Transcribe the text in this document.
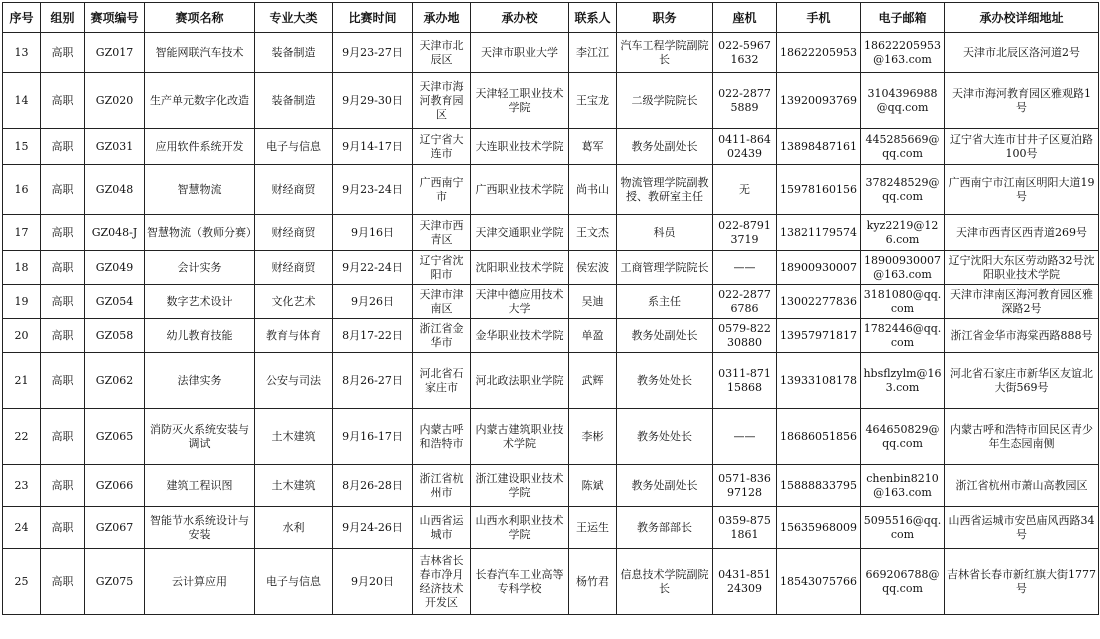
序号	组别	赛项编号	赛项名称	专业大类	比赛时间	承办地	承办校	联系人	职务	座机	手机	电子邮箱	承办校详细地址
13	高职	GZ017	智能网联汽车技术	装备制造	9月23-27日	天津市北辰区	天津市职业大学	李江江	汽车工程学院副院长	022-59671632	18622205953	18622205953@163.com	天津市北辰区洛河道2号
14	高职	GZ020	生产单元数字化改造	装备制造	9月29-30日	天津市海河教育园区	天津轻工职业技术学院	王宝龙	二级学院院长	022-28775889	13920093769	3104396988@qq.com	天津市海河教育园区雅观路1号
15	高职	GZ031	应用软件系统开发	电子与信息	9月14-17日	辽宁省大连市	大连职业技术学院	葛军	教务处副处长	0411-86402439	13898487161	445285669@qq.com	辽宁省大连市甘井子区夏泊路100号
16	高职	GZ048	智慧物流	财经商贸	9月23-24日	广西南宁市	广西职业技术学院	尚书山	物流管理学院副教授、教研室主任	无	15978160156	378248529@qq.com	广西南宁市江南区明阳大道19号
17	高职	GZ048-J	智慧物流（教师分赛）	财经商贸	9月16日	天津市西青区	天津交通职业学院	王文杰	科员	022-87913719	13821179574	kyz2219@126.com	天津市西青区西青道269号
18	高职	GZ049	会计实务	财经商贸	9月22-24日	辽宁省沈阳市	沈阳职业技术学院	侯宏波	工商管理学院院长	——	18900930007	18900930007@163.com	辽宁沈阳大东区劳动路32号沈阳职业技术学院
19	高职	GZ054	数字艺术设计	文化艺术	9月26日	天津市津南区	天津中德应用技术大学	吴迪	系主任	022-28776786	13002277836	3181080@qq.com	天津市津南区海河教育园区雅深路2号
20	高职	GZ058	幼儿教育技能	教育与体育	8月17-22日	浙江省金华市	金华职业技术学院	单盈	教务处副处长	0579-82230880	13957971817	1782446@qq.com	浙江省金华市海棠西路888号
21	高职	GZ062	法律实务	公安与司法	8月26-27日	河北省石家庄市	河北政法职业学院	武辉	教务处处长	0311-87115868	13933108178	hbsflzylm@163.com	河北省石家庄市新华区友谊北大街569号
22	高职	GZ065	消防灭火系统安装与调试	土木建筑	9月16-17日	内蒙古呼和浩特市	内蒙古建筑职业技术学院	李彬	教务处处长	——	18686051856	464650829@qq.com	内蒙古呼和浩特市回民区青少年生态园南侧
23	高职	GZ066	建筑工程识图	土木建筑	8月26-28日	浙江省杭州市	浙江建设职业技术学院	陈斌	教务处副处长	0571-83697128	15888833795	chenbin8210@163.com	浙江省杭州市萧山高教园区
24	高职	GZ067	智能节水系统设计与安装	水利	9月24-26日	山西省运城市	山西水利职业技术学院	王运生	教务部部长	0359-8751861	15635968009	5095516@qq.com	山西省运城市安邑庙风西路34号
25	高职	GZ075	云计算应用	电子与信息	9月20日	吉林省长春市净月经济技术开发区	长春汽车工业高等专科学校	杨竹君	信息技术学院副院长	0431-85124309	18543075766	669206788@qq.com	吉林省长春市新红旗大街1777号
